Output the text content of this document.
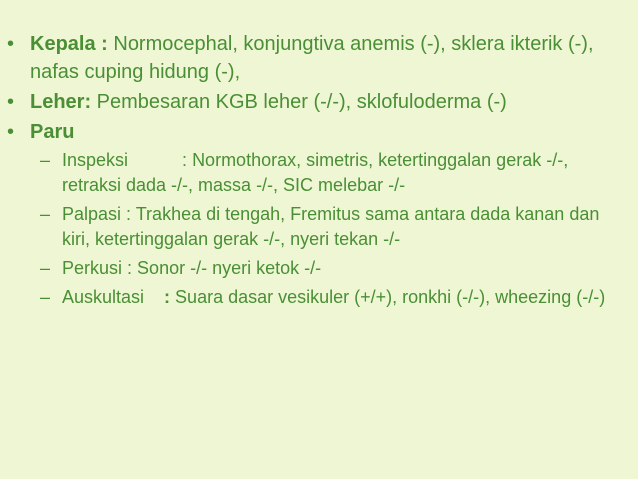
• Kepala : Normocephal, konjungtiva anemis (-), sklera ikterik (-), nafas cuping hidung (-),
• Leher: Pembesaran KGB leher (-/-), sklofuloderma (-)
• Paru
– Inspeksi	: Normothorax, simetris, ketertinggalan gerak -/-, retraksi dada -/-, massa -/-, SIC melebar -/-
– Palpasi : Trakhea di tengah, Fremitus sama antara dada kanan dan kiri, ketertinggalan gerak -/-, nyeri tekan -/-
– Perkusi : Sonor -/- nyeri ketok -/-
– Auskultasi : Suara dasar vesikuler (+/+), ronkhi (-/-), wheezing (-/-)
